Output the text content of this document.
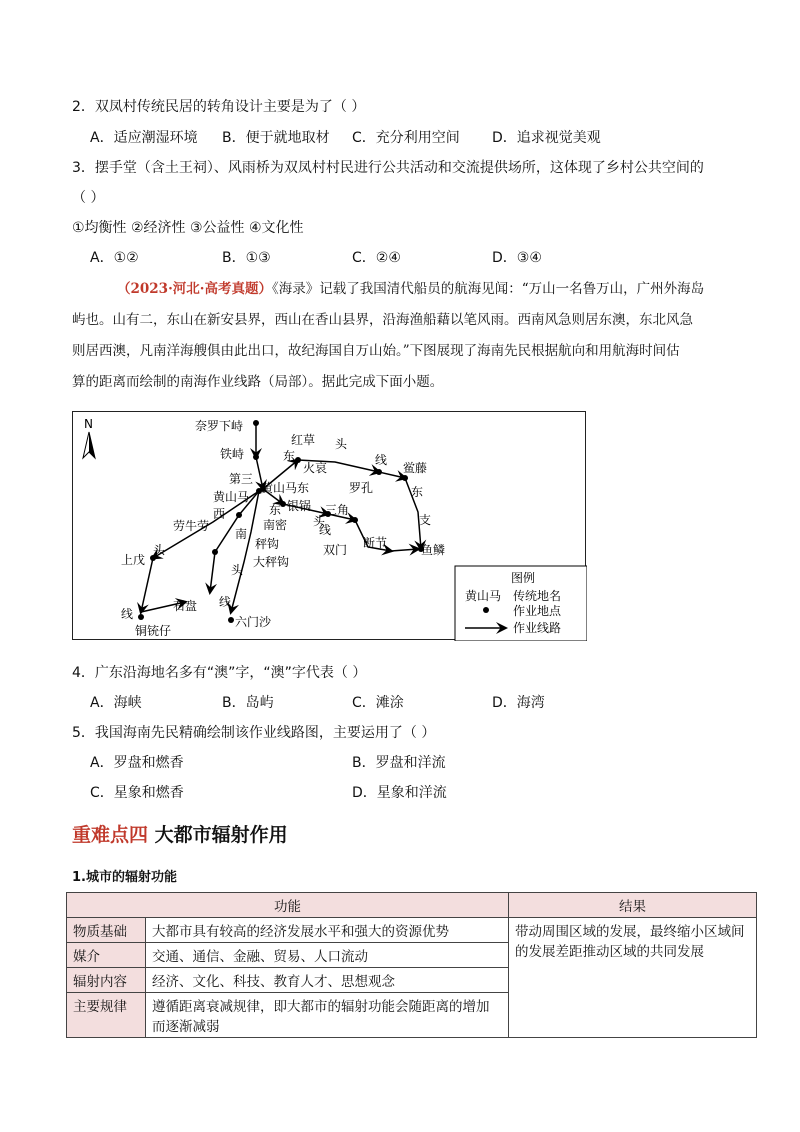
2．双凤村传统民居的转角设计主要是为了（ ）
A．适应潮湿环境 B．便于就地取材 C．充分利用空间 D．追求视觉美观
3．摆手堂（含土王祠）、风雨桥为双凤村村民进行公共活动和交流提供场所，这体现了乡村公共空间的
（ ）
①均衡性 ②经济性 ③公益性 ④文化性
A．①②	B．①③	C．②④	D．③④
（2023·河北·高考真题）《海录》记载了我国清代船员的航海见闻：“万山一名鲁万山，广州外海岛
屿也。山有二，东山在新安县界，西山在香山县界，沿海渔船藉以笔风雨。西南风急则居东澳，东北风急
则居西澳，凡南洋海艘俱由此出口，故纪海国自万山始。”下图展现了海南先民根据航向和用航海时间估
算的距离而绘制的南海作业线路（局部）。据此完成下面小题。
N	奈罗下峙
铁峙
红草
火哀
罗孔
鲎藤
第三
黄山马
黄山马东
银锅 三角
南密
双门 断节	鱼鳞
劳牛劳
秤钩
大秤钩
上戊
石盘
铜铳仔
六门沙
东
头
线
东
西	东
头
线
支
南
头
线
头
线
图例
黄山马 传统地名
作业地点
作业线路
4．广东沿海地名多有“澳”字，“澳”字代表（ ）
A．海峡	B．岛屿	C．滩涂	D．海湾
5．我国海南先民精确绘制该作业线路图，主要运用了（ ）
A．罗盘和燃香	B．罗盘和洋流
C．星象和燃香	D．星象和洋流
重难点四 大都市辐射作用
1.城市的辐射功能
功能		结果
物质基础	大都市具有较高的经济发展水平和强大的资源优势	带动周围区域的发展，最终缩小区域间的发展差距推动区域的共同发展
媒介	交通、通信、金融、贸易、人口流动	
辐射内容	经济、文化、科技、教育人才、思想观念	
主要规律	遵循距离衰减规律，即大都市的辐射功能会随距离的增加而逐渐减弱	
